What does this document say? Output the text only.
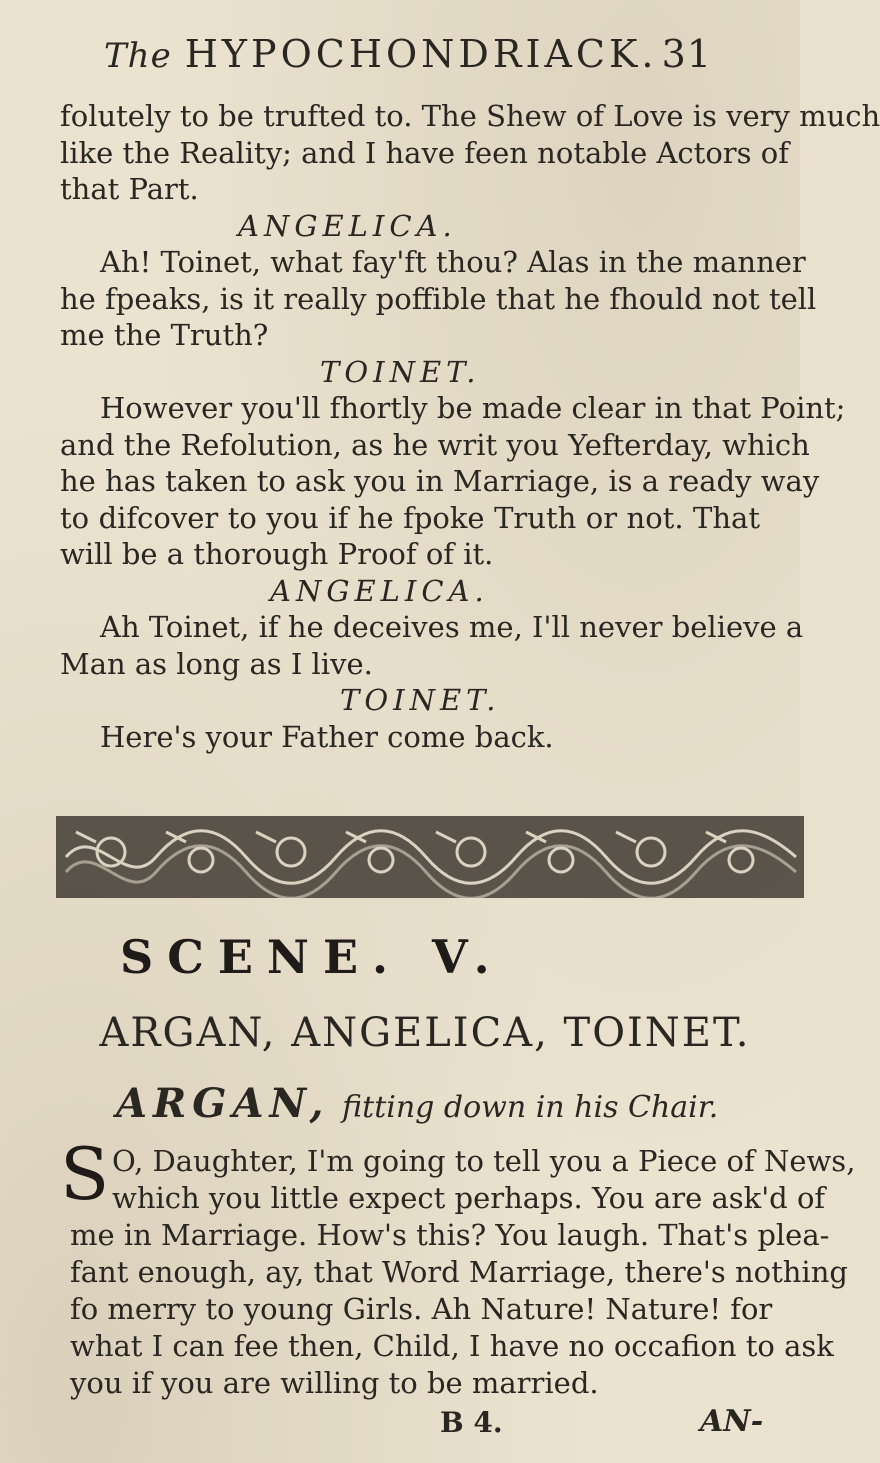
The HYPOCHONDRIACK. 31
folutely to be trufted to. The Shew of Love is very much
like the Reality; and I have feen notable Actors of
that Part.
ANGELICA.
Ah! Toinet, what fay'ft thou? Alas in the manner
he fpeaks, is it really poffible that he fhould not tell
me the Truth?
TOINET.
However you'll fhortly be made clear in that Point;
and the Refolution, as he writ you Yefterday, which
he has taken to ask you in Marriage, is a ready way
to difcover to you if he fpoke Truth or not. That
will be a thorough Proof of it.
ANGELICA.
Ah Toinet, if he deceives me, I'll never believe a
Man as long as I live.
TOINET.
Here's your Father come back.
SCENE. V.
ARGAN, ANGELICA, TOINET.
ARGAN, fitting down in his Chair.
S O, Daughter, I'm going to tell you a Piece of News,
which you little expect perhaps. You are ask'd of
me in Marriage. How's this? You laugh. That's plea-
fant enough, ay, that Word Marriage, there's nothing
fo merry to young Girls. Ah Nature! Nature! for
what I can fee then, Child, I have no occafion to ask
you if you are willing to be married.
B 4.	AN-
